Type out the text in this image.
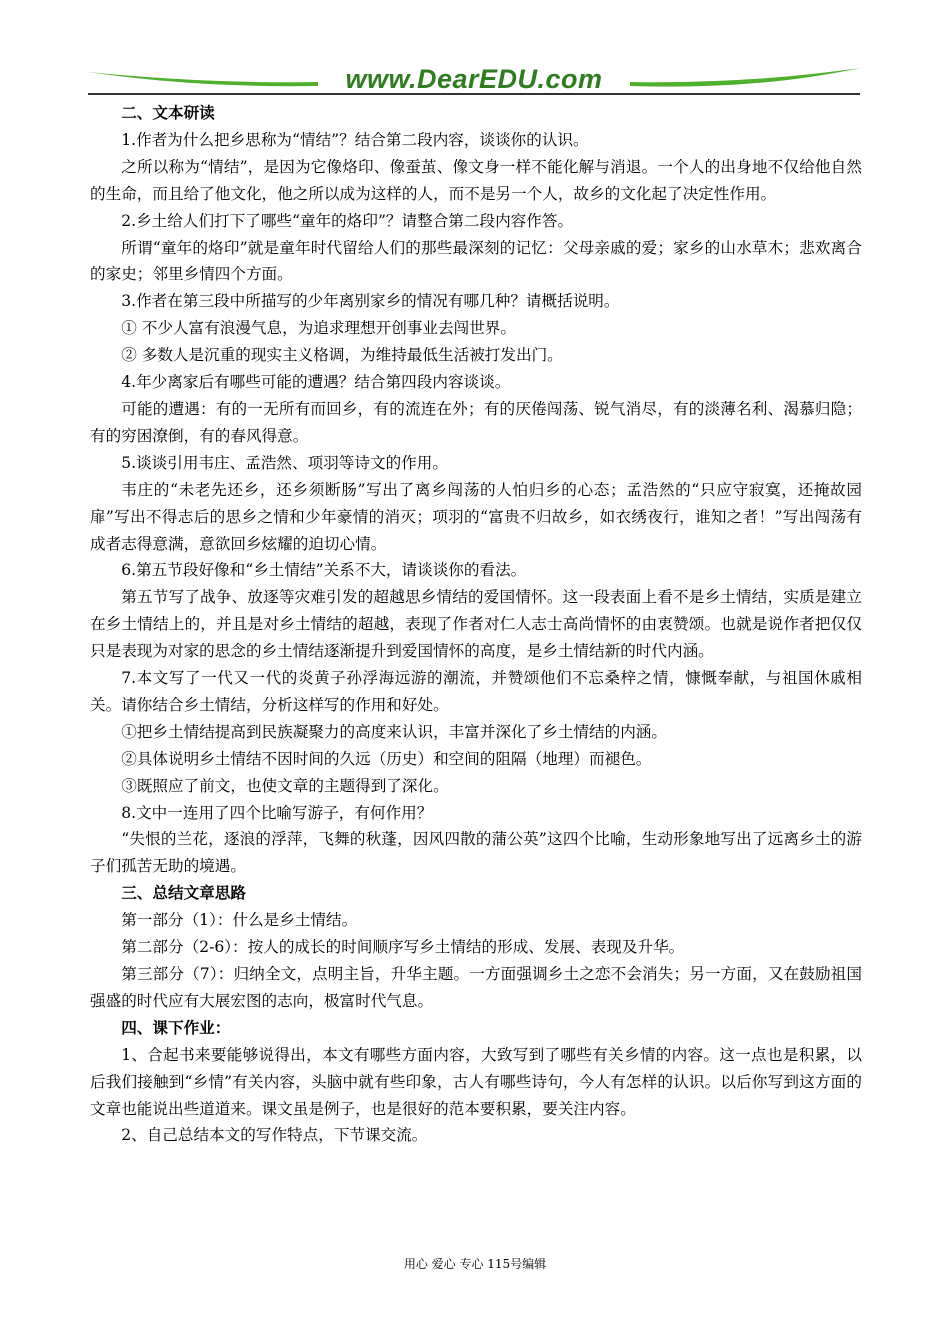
www.DearEDU.com

二、文本研读

1.作者为什么把乡思称为“情结”？结合第二段内容，谈谈你的认识。

之所以称为“情结”，是因为它像烙印、像蚕茧、像文身一样不能化解与消退。一个人的出身地不仅给他自然的生命，而且给了他文化，他之所以成为这样的人，而不是另一个人，故乡的文化起了决定性作用。

2.乡土给人们打下了哪些“童年的烙印”？请整合第二段内容作答。

所谓“童年的烙印”就是童年时代留给人们的那些最深刻的记忆：父母亲戚的爱；家乡的山水草木；悲欢离合的家史；邻里乡情四个方面。

3.作者在第三段中所描写的少年离别家乡的情况有哪几种？请概括说明。

① 不少人富有浪漫气息，为追求理想开创事业去闯世界。

② 多数人是沉重的现实主义格调，为维持最低生活被打发出门。

4.年少离家后有哪些可能的遭遇？结合第四段内容谈谈。

可能的遭遇：有的一无所有而回乡，有的流连在外；有的厌倦闯荡、锐气消尽，有的淡薄名利、渴慕归隐；有的穷困潦倒，有的春风得意。

5.谈谈引用韦庄、孟浩然、项羽等诗文的作用。

韦庄的“未老先还乡，还乡须断肠”写出了离乡闯荡的人怕归乡的心态；孟浩然的“只应守寂寞，还掩故园扉”写出不得志后的思乡之情和少年豪情的消灭；项羽的“富贵不归故乡，如衣绣夜行，谁知之者！”写出闯荡有成者志得意满，意欲回乡炫耀的迫切心情。

6.第五节段好像和“乡土情结”关系不大，请谈谈你的看法。

第五节写了战争、放逐等灾难引发的超越思乡情结的爱国情怀。这一段表面上看不是乡土情结，实质是建立在乡土情结上的，并且是对乡土情结的超越，表现了作者对仁人志士高尚情怀的由衷赞颂。也就是说作者把仅仅只是表现为对家的思念的乡土情结逐渐提升到爱国情怀的高度，是乡土情结新的时代内涵。

7.本文写了一代又一代的炎黄子孙浮海远游的潮流，并赞颂他们不忘桑梓之情，慷慨奉献，与祖国休戚相关。请你结合乡土情结，分析这样写的作用和好处。

①把乡土情结提高到民族凝聚力的高度来认识，丰富并深化了乡土情结的内涵。

②具体说明乡土情结不因时间的久远（历史）和空间的阻隔（地理）而褪色。

③既照应了前文，也使文章的主题得到了深化。

8.文中一连用了四个比喻写游子，有何作用？

“失恨的兰花，逐浪的浮萍，飞舞的秋蓬，因风四散的蒲公英”这四个比喻，生动形象地写出了远离乡土的游子们孤苦无助的境遇。

三、总结文章思路

第一部分（1）：什么是乡土情结。

第二部分（2-6）：按人的成长的时间顺序写乡土情结的形成、发展、表现及升华。

第三部分（7）：归纳全文，点明主旨，升华主题。一方面强调乡土之恋不会消失；另一方面，又在鼓励祖国强盛的时代应有大展宏图的志向，极富时代气息。

四、课下作业：

1、合起书来要能够说得出，本文有哪些方面内容，大致写到了哪些有关乡情的内容。这一点也是积累，以后我们接触到“乡情”有关内容，头脑中就有些印象，古人有哪些诗句，今人有怎样的认识。以后你写到这方面的文章也能说出些道道来。课文虽是例子，也是很好的范本要积累，要关注内容。

2、自己总结本文的写作特点，下节课交流。

用心 爱心 专心 115号编辑
